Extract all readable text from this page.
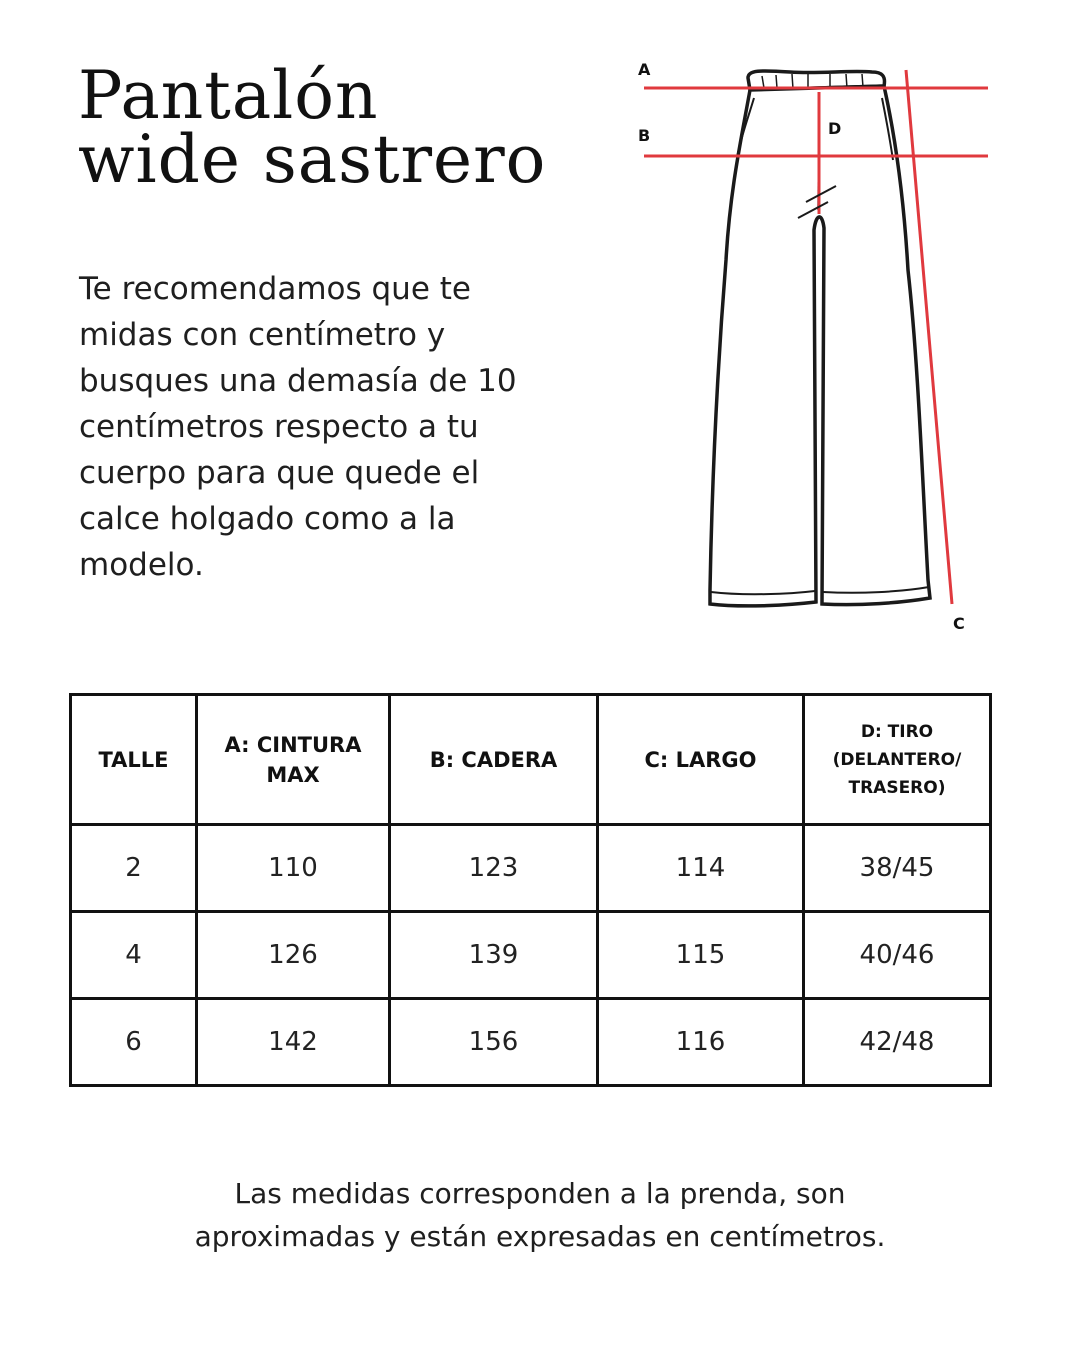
Pantalón
wide sastrero

Te recomendamos que te midas con centímetro y busques una demasía de 10 centímetros respecto a tu cuerpo para que quede el calce holgado como a la modelo.

A
B
C
D
TALLE	A: CINTURA MAX	B: CADERA	C: LARGO	D: TIRO (DELANTERO/ TRASERO)
2	110	123	114	38/45
4	126	139	115	40/46
6	142	156	116	42/48

Las medidas corresponden a la prenda, son aproximadas y están expresadas en centímetros.
